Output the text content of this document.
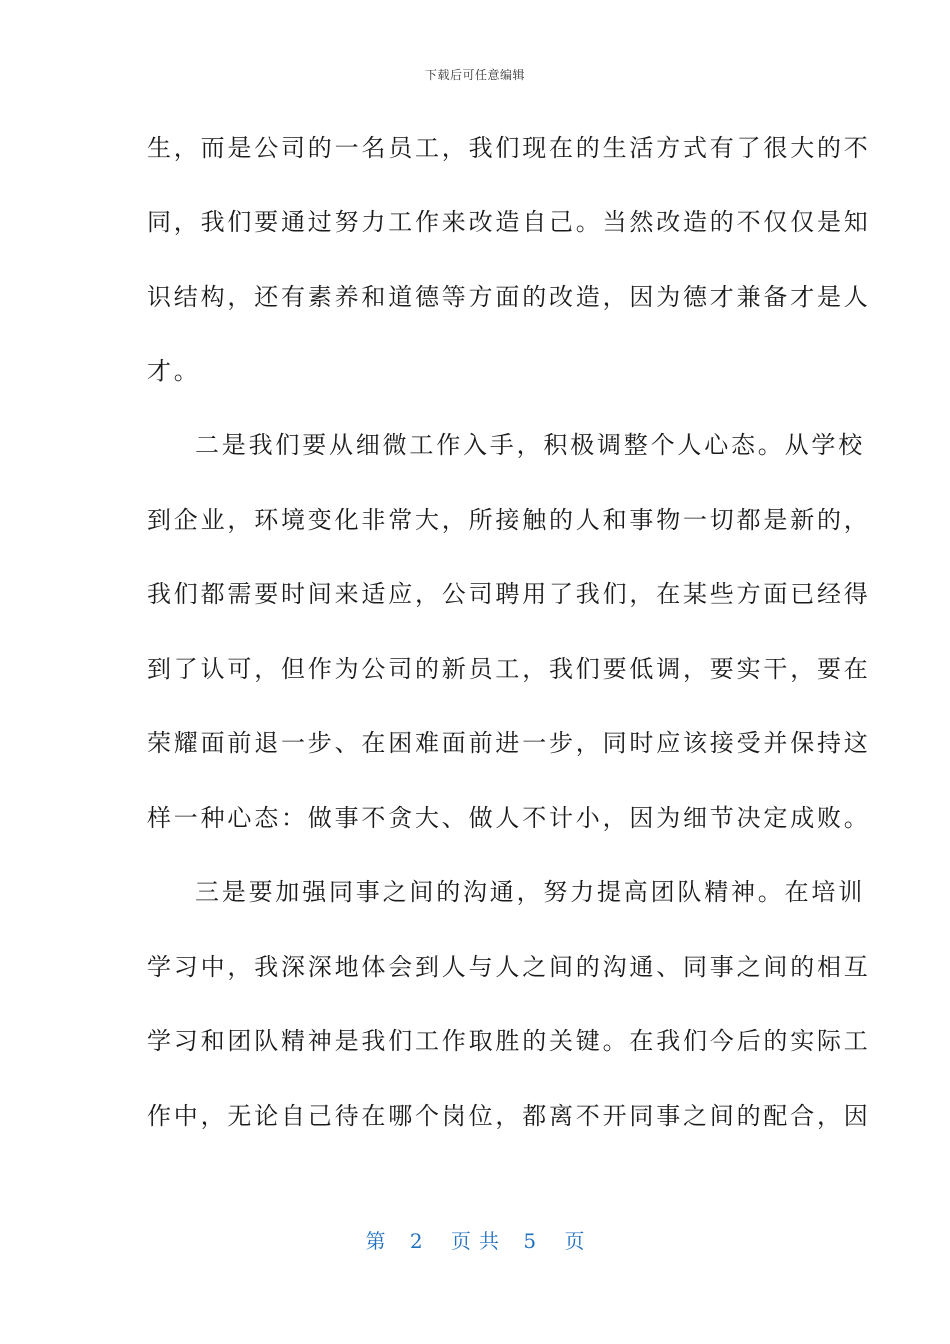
下载后可任意编辑
生，而是公司的一名员工，我们现在的生活方式有了很大的不
同，我们要通过努力工作来改造自己。当然改造的不仅仅是知
识结构，还有素养和道德等方面的改造，因为德才兼备才是人
才。
二是我们要从细微工作入手，积极调整个人心态。从学校
到企业，环境变化非常大，所接触的人和事物一切都是新的，
我们都需要时间来适应，公司聘用了我们，在某些方面已经得
到了认可，但作为公司的新员工，我们要低调，要实干，要在
荣耀面前退一步、在困难面前进一步，同时应该接受并保持这
样一种心态：做事不贪大、做人不计小，因为细节决定成败。
三是要加强同事之间的沟通，努力提高团队精神。在培训
学习中，我深深地体会到人与人之间的沟通、同事之间的相互
学习和团队精神是我们工作取胜的关键。在我们今后的实际工
作中，无论自己待在哪个岗位，都离不开同事之间的配合，因
第 2 页共 5 页
